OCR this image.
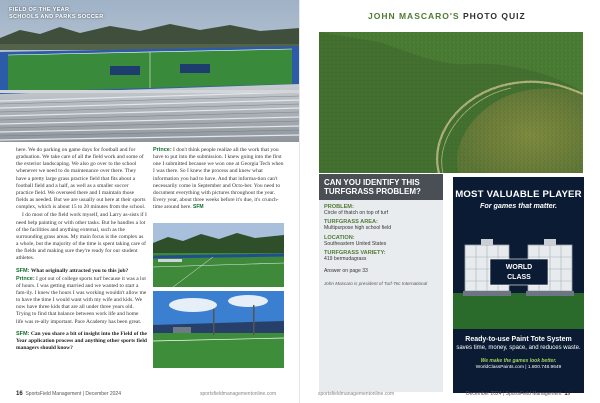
FIELD OF THE YEAR
SCHOOLS AND PARKS SOCCER

here. We do parking on game days for football and for graduation. We take care of all the field work and some of the exterior landscaping. We also go over to the school whenever we need to do maintenance over there. They have a pretty large grass practice field that fits about a football field and a half, as well as a smaller soccer practice field. We overseed there and I maintain those fields as needed. But we are usually out here at their sports complex, which is about 15 to 20 minutes from the school.

I do most of the field work myself, and Larry as-sists if I need help painting or with other tasks. But he handles a lot of the facilities and anything external, such as the surrounding grass areas. My main focus is the complex as a whole, but the majority of the time is spent taking care of the fields and making sure they're ready for our student athletes.

SFM: What originally attracted you to this job?

Prince: I got out of college sports turf because it was a lot of hours. I was getting married and we wanted to start a fam-ily. I knew the hours I was working wouldn't allow me to have the time I would want with my wife and kids. We now have three kids that are all under three years old. Trying to find that balance between work life and home life was re-ally important. Pace Academy has been great.

SFM: Can you share a bit of insight into the Field of the Year application process and anything other sports field managers should know?

Prince: I don't think people realize all the work that you have to put into the submission. I knew going into the first one I submitted because we won one at Georgia Tech when I was there. So I knew the process and knew what information you had to have. And that informa-tion can't necessarily come in September and Octo-ber. You need to document everything with pictures throughout the year. Every year, about three weeks before it's due, it's crunch-time around here. SFM

16 SportsField Management | December 2024	sportsfieldmanagementonline.com
JOHN MASCARO'S PHOTO QUIZ
CAN YOU IDENTIFY THIS TURFGRASS PROBLEM?
PROBLEM:
Circle of thatch on top of turf
TURFGRASS AREA:
Multipurpose high school field
LOCATION:
Southeastern United States
TURFGRASS VARIETY:
419 bermudagrass
Answer on page 33
John Mascaro is president of Turf-Tec International
MOST VALUABLE PLAYER
For games that matter.
WORLD
CLASS
Ready-to-use Paint Tote System
saves time, money, space, and reduces waste.
We make the games look better.
WorldClassPaints.com | 1.800.748.9649
sportsfieldmanagementonline.com	December 2024 | SportsField Management 17
